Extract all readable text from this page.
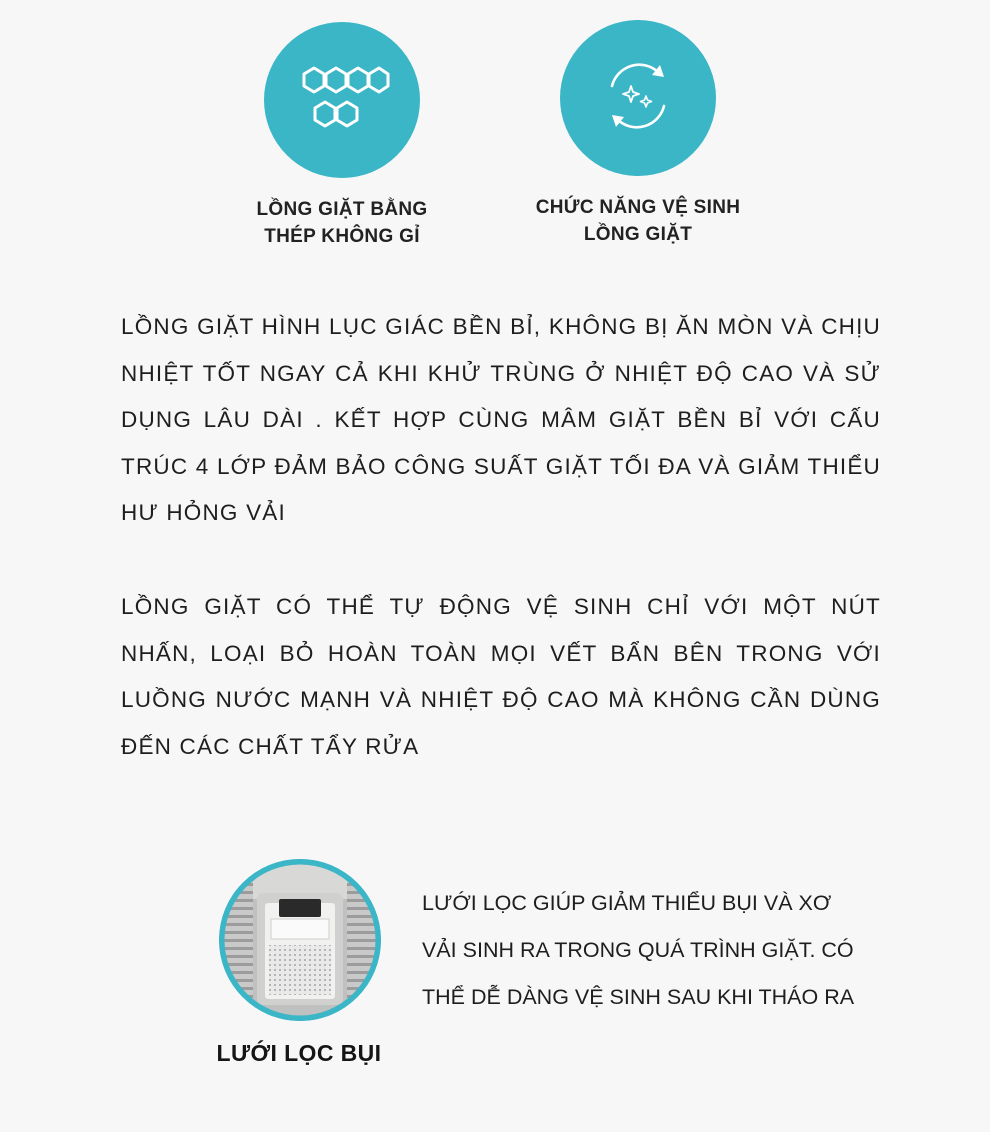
LỒNG GIẶT BẰNG
THÉP KHÔNG GỈ
CHỨC NĂNG VỆ SINH
LỒNG GIẶT

LỒNG GIẶT HÌNH LỤC GIÁC BỀN BỈ, KHÔNG BỊ ĂN MÒN VÀ CHỊU NHIỆT TỐT NGAY CẢ KHI KHỬ TRÙNG Ở NHIỆT ĐỘ CAO VÀ SỬ DỤNG LÂU DÀI . KẾT HỢP CÙNG MÂM GIẶT BỀN BỈ VỚI CẤU TRÚC 4 LỚP ĐẢM BẢO CÔNG SUẤT GIẶT TỐI ĐA VÀ GIẢM THIỂU HƯ HỎNG VẢI

LỒNG GIẶT CÓ THỂ TỰ ĐỘNG VỆ SINH CHỈ VỚI MỘT NÚT NHẤN, LOẠI BỎ HOÀN TOÀN MỌI VẾT BẨN BÊN TRONG VỚI LUỒNG NƯỚC MẠNH VÀ NHIỆT ĐỘ CAO MÀ KHÔNG CẦN DÙNG ĐẾN CÁC CHẤT TẨY RỬA

LƯỚI LỌC BỤI

LƯỚI LỌC GIÚP GIẢM THIỂU BỤI VÀ XƠ
VẢI SINH RA TRONG QUÁ TRÌNH GIẶT. CÓ
THỂ DỄ DÀNG VỆ SINH SAU KHI THÁO RA
